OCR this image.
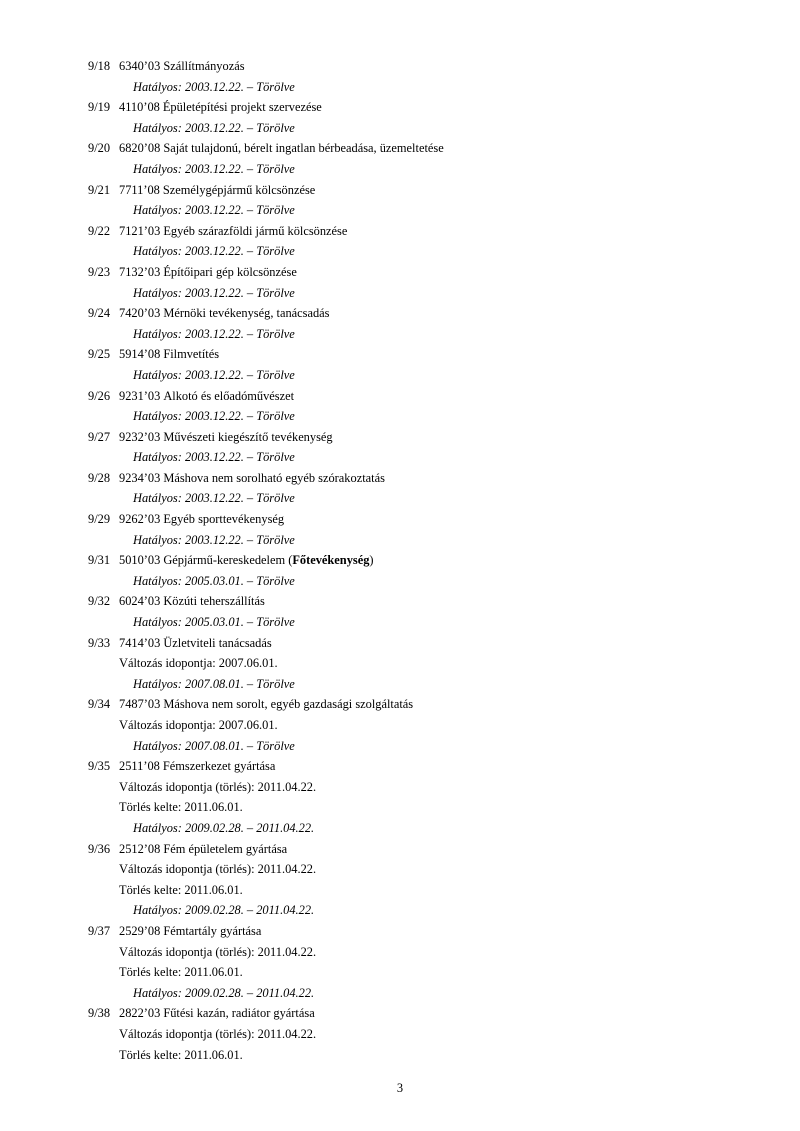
9/18 6340’03 Szállítmányozás
Hatályos: 2003.12.22. – Törölve
9/19 4110’08 Épületépítési projekt szervezése
Hatályos: 2003.12.22. – Törölve
9/20 6820’08 Saját tulajdonú, bérelt ingatlan bérbeadása, üzemeltetése
Hatályos: 2003.12.22. – Törölve
9/21 7711’08 Személygépjármű kölcsönzése
Hatályos: 2003.12.22. – Törölve
9/22 7121’03 Egyéb szárazföldi jármű kölcsönzése
Hatályos: 2003.12.22. – Törölve
9/23 7132’03 Építőipari gép kölcsönzése
Hatályos: 2003.12.22. – Törölve
9/24 7420’03 Mérnöki tevékenység, tanácsadás
Hatályos: 2003.12.22. – Törölve
9/25 5914’08 Filmvetítés
Hatályos: 2003.12.22. – Törölve
9/26 9231’03 Alkotó és előadóművészet
Hatályos: 2003.12.22. – Törölve
9/27 9232’03 Művészeti kiegészítő tevékenység
Hatályos: 2003.12.22. – Törölve
9/28 9234’03 Máshova nem sorolható egyéb szórakoztatás
Hatályos: 2003.12.22. – Törölve
9/29 9262’03 Egyéb sporttevékenység
Hatályos: 2003.12.22. – Törölve
9/31 5010’03 Gépjármű-kereskedelem (Főtevékenység)
Hatályos: 2005.03.01. – Törölve
9/32 6024’03 Közúti teherszállítás
Hatályos: 2005.03.01. – Törölve
9/33 7414’03 Üzletviteli tanácsadás
Változás idopontja: 2007.06.01.
Hatályos: 2007.08.01. – Törölve
9/34 7487’03 Máshova nem sorolt, egyéb gazdasági szolgáltatás
Változás idopontja: 2007.06.01.
Hatályos: 2007.08.01. – Törölve
9/35 2511’08 Fémszerkezet gyártása
Változás idopontja (törlés): 2011.04.22.
Törlés kelte: 2011.06.01.
Hatályos: 2009.02.28. – 2011.04.22.
9/36 2512’08 Fém épületelem gyártása
Változás idopontja (törlés): 2011.04.22.
Törlés kelte: 2011.06.01.
Hatályos: 2009.02.28. – 2011.04.22.
9/37 2529’08 Fémtartály gyártása
Változás idopontja (törlés): 2011.04.22.
Törlés kelte: 2011.06.01.
Hatályos: 2009.02.28. – 2011.04.22.
9/38 2822’03 Fűtési kazán, radiátor gyártása
Változás idopontja (törlés): 2011.04.22.
Törlés kelte: 2011.06.01.
3
